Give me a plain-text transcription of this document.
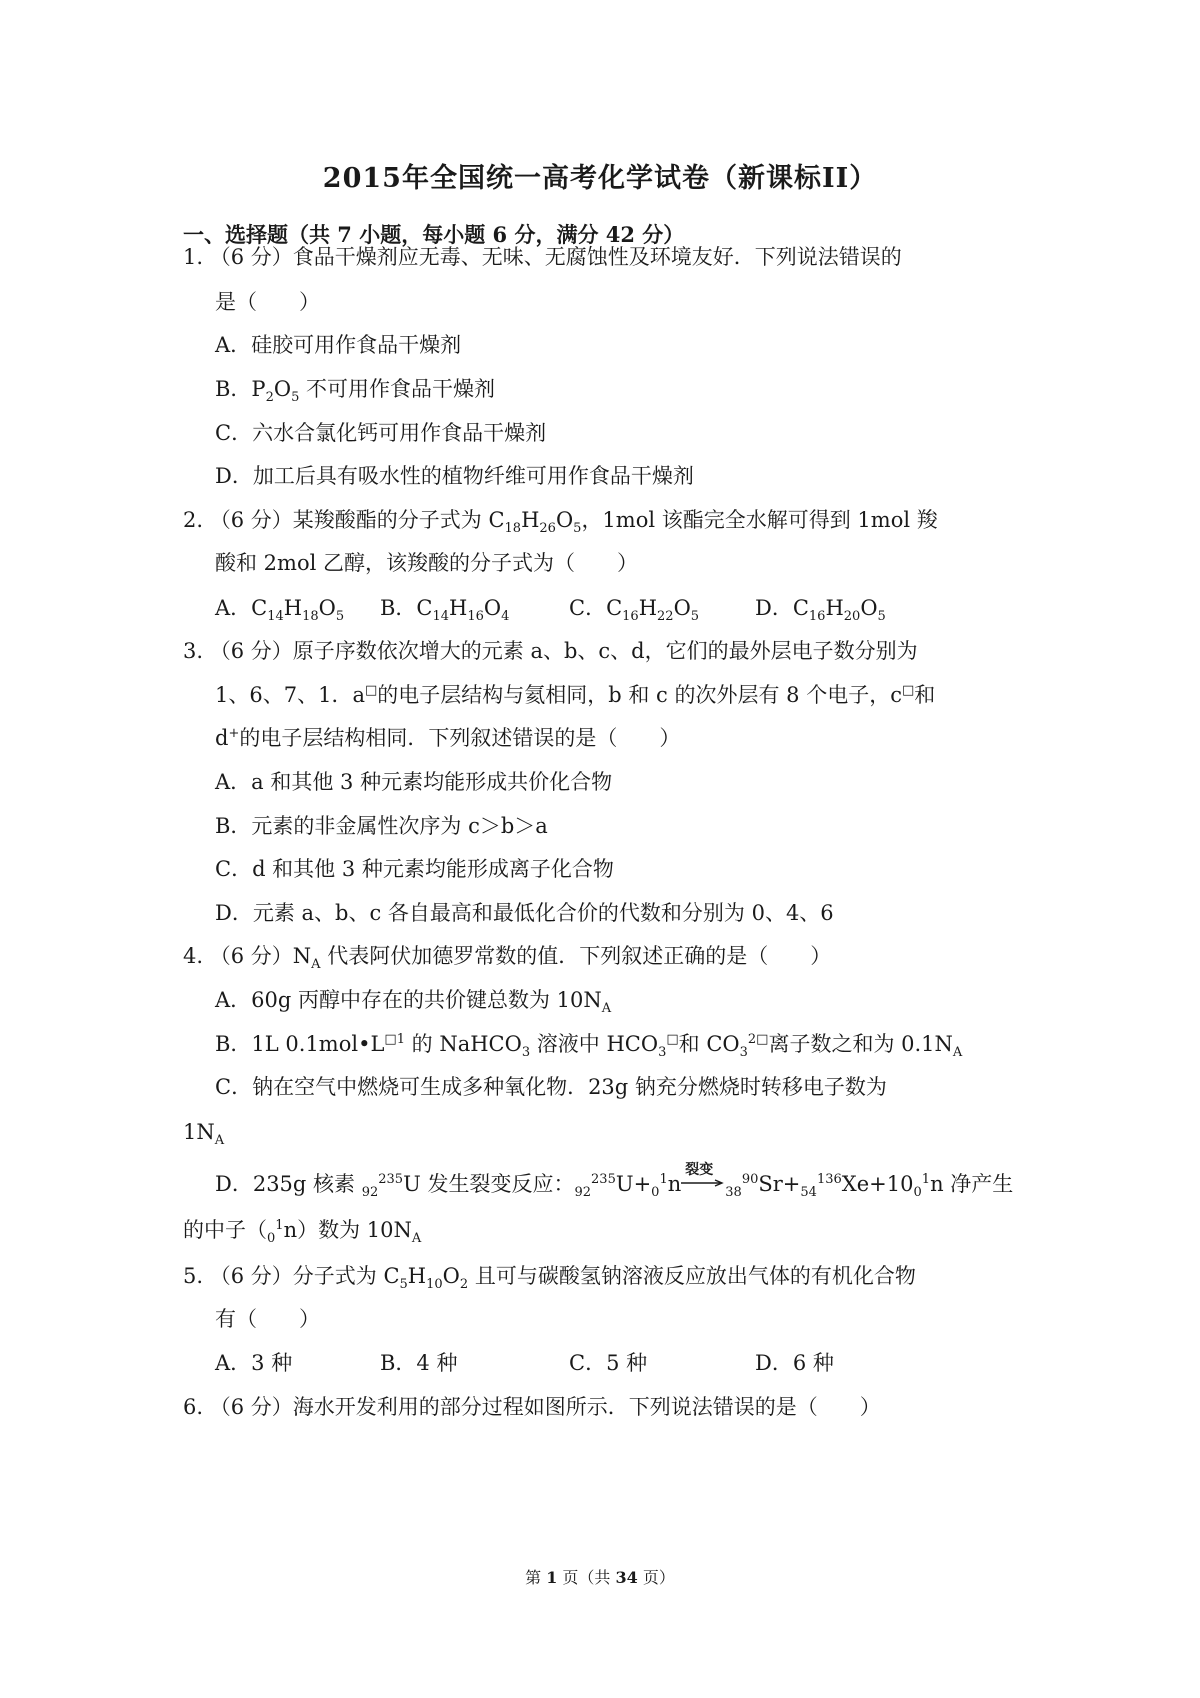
2015年全国统一高考化学试卷（新课标II）
一、选择题（共 7 小题，每小题 6 分，满分 42 分）
1. （6 分）食品干燥剂应无毒、无味、无腐蚀性及环境友好．下列说法错误的
是（　　）
A．硅胶可用作食品干燥剂
B．$P_2O_5$ 不可用作食品干燥剂
C．六水合氯化钙可用作食品干燥剂
D．加工后具有吸水性的植物纤维可用作食品干燥剂
2. （6 分）某羧酸酯的分子式为 $C_{18}H_{26}O_5$，1mol 该酯完全水解可得到 1mol 羧
酸和 2mol 乙醇，该羧酸的分子式为（　　）
A．$C_{14}H_{18}O_5$ B．$C_{14}H_{16}O_4$	C．$C_{16}H_{22}O_5$	D．$C_{16}H_{20}O_5$
3. （6 分）原子序数依次增大的元素 a、b、c、d，它们的最外层电子数分别为
1、6、7、1．a□的电子层结构与氦相同，b 和 c 的次外层有 8 个电子，c□和
d+的电子层结构相同．下列叙述错误的是（　　）
A．a 和其他 3 种元素均能形成共价化合物
B．元素的非金属性次序为 c＞b＞a
C．d 和其他 3 种元素均能形成离子化合物
D．元素 a、b、c 各自最高和最低化合价的代数和分别为 0、4、6
4. （6 分）$N_A$ 代表阿伏加德罗常数的值．下列叙述正确的是（　　）
A．60g 丙醇中存在的共价键总数为 $10N_A$
B．1L $0.1mol•L^{□1}$ 的 NaHCO$_3$ 溶液中 $HCO_3^□$和 $CO_3^{2□}$离子数之和为 $0.1N_A$
C．钠在空气中燃烧可生成多种氧化物．23g 钠充分燃烧时转移电子数为
$1N_A$
D．235g 核素 $_{92}^{235}$U 发生裂变反应：$_{92}^{235}U+_0^1n$
裂变
$_{38}^{90}Sr+_{54}^{136}Xe+10_0^1n$ 净产生
的中子$(_0^1n)$数为 $10N_A$
5. （6 分）分子式为 $C_5H_{10}O_2$ 且可与碳酸氢钠溶液反应放出气体的有机化合物
有（　　）
A．3 种	B．4 种	C．5 种	D．6 种
6. （6 分）海水开发利用的部分过程如图所示．下列说法错误的是（　　）
第 1 页（共 34 页）
